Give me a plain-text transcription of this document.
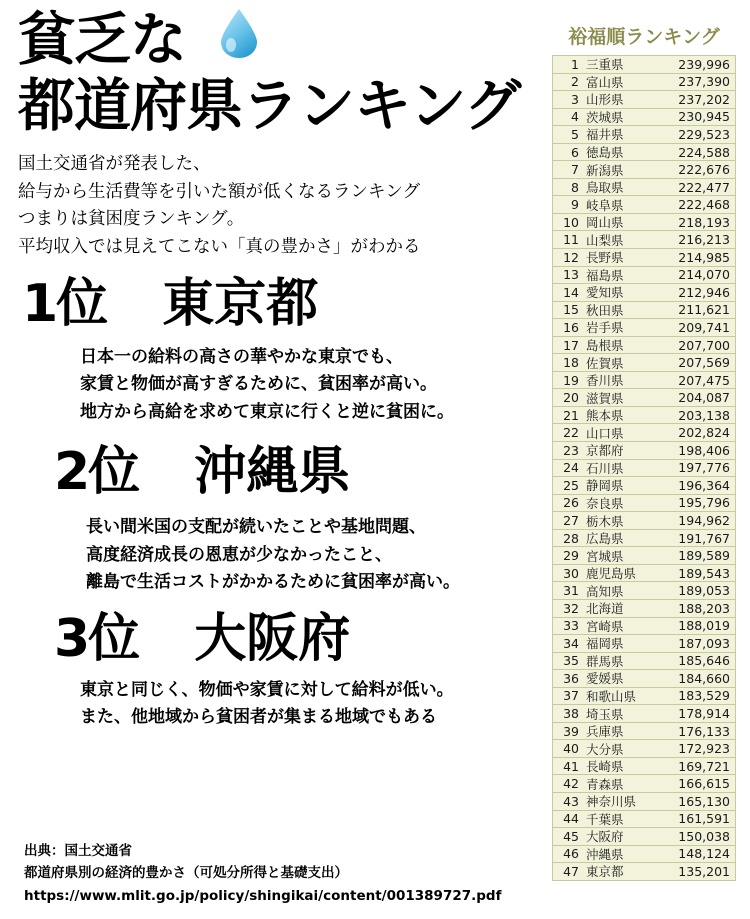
貧乏な
都道府県ランキング
国土交通省が発表した、
給与から生活費等を引いた額が低くなるランキング
つまりは貧困度ランキング。
平均収入では見えてこない「真の豊かさ」がわかる
1位 東京都
日本一の給料の高さの華やかな東京でも、
家賃と物価が高すぎるために、貧困率が高い。
地方から高給を求めて東京に行くと逆に貧困に。
2位 沖縄県
長い間米国の支配が続いたことや基地問題、
高度経済成長の恩恵が少なかったこと、
離島で生活コストがかかるために貧困率が高い。
3位 大阪府
東京と同じく、物価や家賃に対して給料が低い。
また、他地域から貧困者が集まる地域でもある
出典：国土交通省
都道府県別の経済的豊かさ（可処分所得と基礎支出）
https://www.mlit.go.jp/policy/shingikai/content/001389727.pdf
裕福順ランキング
1 三重県	239,996
2 富山県	237,390
3 山形県	237,202
4 茨城県	230,945
5 福井県	229,523
6 徳島県	224,588
7 新潟県	222,676
8 鳥取県	222,477
9 岐阜県	222,468
10 岡山県	218,193
11 山梨県	216,213
12 長野県	214,985
13 福島県	214,070
14 愛知県	212,946
15 秋田県	211,621
16 岩手県	209,741
17 島根県	207,700
18 佐賀県	207,569
19 香川県	207,475
20 滋賀県	204,087
21 熊本県	203,138
22 山口県	202,824
23 京都府	198,406
24 石川県	197,776
25 静岡県	196,364
26 奈良県	195,796
27 栃木県	194,962
28 広島県	191,767
29 宮城県	189,589
30 鹿児島県	189,543
31 高知県	189,053
32 北海道	188,203
33 宮崎県	188,019
34 福岡県	187,093
35 群馬県	185,646
36 愛媛県	184,660
37 和歌山県	183,529
38 埼玉県	178,914
39 兵庫県	176,133
40 大分県	172,923
41 長崎県	169,721
42 青森県	166,615
43 神奈川県	165,130
44 千葉県	161,591
45 大阪府	150,038
46 沖縄県	148,124
47 東京都	135,201
